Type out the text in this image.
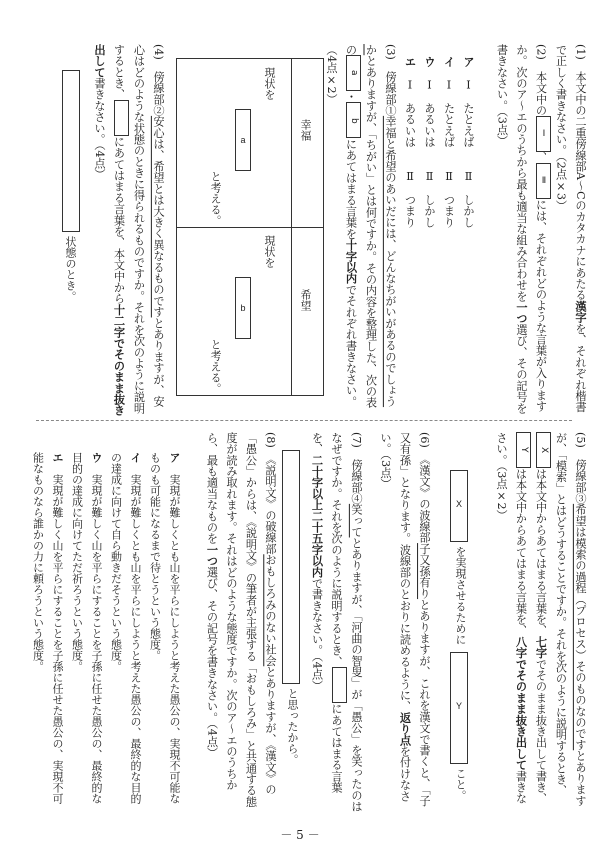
(1)　本文中の二重傍線部A～Cのカタカナにあたる漢字を、それぞれ楷書で正しく書きなさい。（2点×3）
(2)　本文中のⅠ、Ⅱには、それぞれどのような言葉が入りますか。次のア～エのうちから最も適当な組み合わせを一つ選び、その記号を書きなさい。（3点）
ア　Ⅰ　たとえば　　Ⅱ　しかし
イ　Ⅰ　たとえば　　Ⅱ　つまり
ウ　Ⅰ　あるいは　　Ⅱ　しかし
エ　Ⅰ　あるいは　　Ⅱ　つまり
(3)　傍線部①幸福と希望のあいだには、どんなちがいがあるのでしょうかとありますが、「ちがい」とは何ですか。その内容を整理した、次の表のa・bにあてはまる言葉を十字以内でそれぞれ書きなさい。（4点×2）
幸福
希望
現状を
a
と考える。
現状を
b
と考える。
(4)　傍線部②安心は、希望とは大きく異なるものですとありますが、安心はどのような状態のときに得られるものですか。それを次のように説明するとき、にあてはまる言葉を、本文中から十二字でそのまま抜き出して書きなさい。（4点）
状態のとき。
(5)　傍線部③希望は模索の過程（プロセス）そのものなのですとありますが、「模索」とはどうすることですか。それを次のように説明するとき、Xは本文中からあてはまる言葉を、七字でそのまま抜き出して書き、Yは本文中からあてはまる言葉を、八字でそのまま抜き出して書きなさい。（3点×2）
X
を実現させるために
Y
こと。
(6)　《漢文》の波線部子又孫有りとありますが、これを漢文で書くと、「子又有孫」となります。波線部のとおりに読めるように、返り点を付けなさい。（3点）
(7)　傍線部④笑ってとありますが、「河曲の智叟」が「愚公」を笑ったのはなぜですか。それを次のように説明するとき、にあてはまる言葉を、二十字以上二十五字以内で書きなさい。（4点）
と思ったから。
(8)　《説明文》の破線部おもしろみのない社会とありますが、《漢文》の「愚公」からは、《説明文》の筆者が主張する「おもしろみ」と共通する態度が読み取れます。それはどのような態度ですか。次のア～エのうちから、最も適当なものを一つ選び、その記号を書きなさい。（4点）
ア　実現が難しくとも山を平らにしようと考えた愚公の、実現不可能なものも可能になるまで待とうという態度。
イ　実現が難しくとも山を平らにしようと考えた愚公の、最終的な目的の達成に向けて自ら動きだそうという態度。
ウ　実現が難しく山を平らにすることを子孫に任せた愚公の、最終的な目的の達成に向けてただ祈ろうという態度。
エ　実現が難しく山を平らにすることを子孫に任せた愚公の、実現不可能なものなら誰かの力に頼ろうという態度。
－ 5 －
